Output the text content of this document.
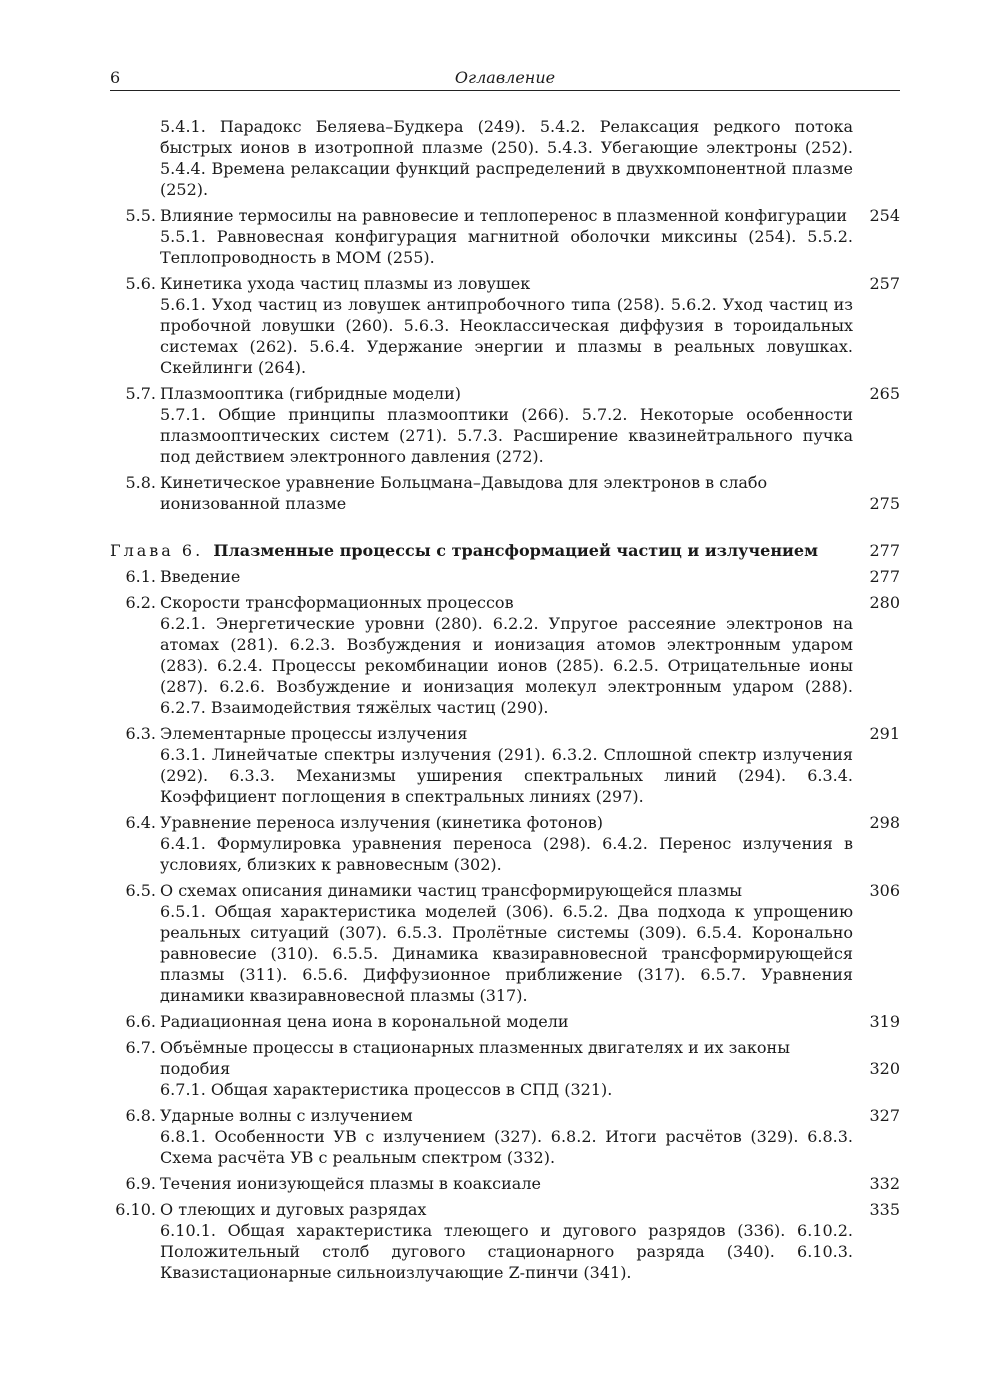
6	Оглавление
5.4.1. Парадокс Беляева–Будкера (249). 5.4.2. Релаксация редкого потока быстрых ионов в изотропной плазме (250). 5.4.3. Убегающие электроны (252). 5.4.4. Времена релаксации функций распределений в двухкомпонентной плазме (252).
5.5. Влияние термосилы на равновесие и теплоперенос в плазменной конфигурации	254
5.5.1. Равновесная конфигурация магнитной оболочки миксины (254). 5.5.2. Теплопроводность в МОМ (255).
5.6. Кинетика ухода частиц плазмы из ловушек	257
5.6.1. Уход частиц из ловушек антипробочного типа (258). 5.6.2. Уход частиц из пробочной ловушки (260). 5.6.3. Неоклассическая диффузия в тороидальных системах (262). 5.6.4. Удержание энергии и плазмы в реальных ловушках. Скейлинги (264).
5.7. Плазмооптика (гибридные модели)	265
5.7.1. Общие принципы плазмооптики (266). 5.7.2. Некоторые особенности плазмооптических систем (271). 5.7.3. Расширение квазинейтрального пучка под действием электронного давления (272).
5.8. Кинетическое уравнение Больцмана–Давыдова для электронов в слабо ионизованной плазме	275
Глава 6. Плазменные процессы с трансформацией частиц и излучением	277
6.1. Введение	277
6.2. Скорости трансформационных процессов	280
6.2.1. Энергетические уровни (280). 6.2.2. Упругое рассеяние электронов на атомах (281). 6.2.3. Возбуждения и ионизация атомов электронным ударом (283). 6.2.4. Процессы рекомбинации ионов (285). 6.2.5. Отрицательные ионы (287). 6.2.6. Возбуждение и ионизация молекул электронным ударом (288). 6.2.7. Взаимодействия тяжёлых частиц (290).
6.3. Элементарные процессы излучения	291
6.3.1. Линейчатые спектры излучения (291). 6.3.2. Сплошной спектр излучения (292). 6.3.3. Механизмы уширения спектральных линий (294). 6.3.4. Коэффициент поглощения в спектральных линиях (297).
6.4. Уравнение переноса излучения (кинетика фотонов)	298
6.4.1. Формулировка уравнения переноса (298). 6.4.2. Перенос излучения в условиях, близких к равновесным (302).
6.5. О схемах описания динамики частиц трансформирующейся плазмы	306
6.5.1. Общая характеристика моделей (306). 6.5.2. Два подхода к упрощению реальных ситуаций (307). 6.5.3. Пролётные системы (309). 6.5.4. Коронально равновесие (310). 6.5.5. Динамика квазиравновесной трансформирующейся плазмы (311). 6.5.6. Диффузионное приближение (317). 6.5.7. Уравнения динамики квазиравновесной плазмы (317).
6.6. Радиационная цена иона в корональной модели	319
6.7. Объёмные процессы в стационарных плазменных двигателях и их законы подобия	320
6.7.1. Общая характеристика процессов в СПД (321).
6.8. Ударные волны с излучением	327
6.8.1. Особенности УВ с излучением (327). 6.8.2. Итоги расчётов (329). 6.8.3. Схема расчёта УВ с реальным спектром (332).
6.9. Течения ионизующейся плазмы в коаксиале	332
6.10. О тлеющих и дуговых разрядах	335
6.10.1. Общая характеристика тлеющего и дугового разрядов (336). 6.10.2. Положительный столб дугового стационарного разряда (340). 6.10.3. Квазистационарные сильноизлучающие Z-пинчи (341).
